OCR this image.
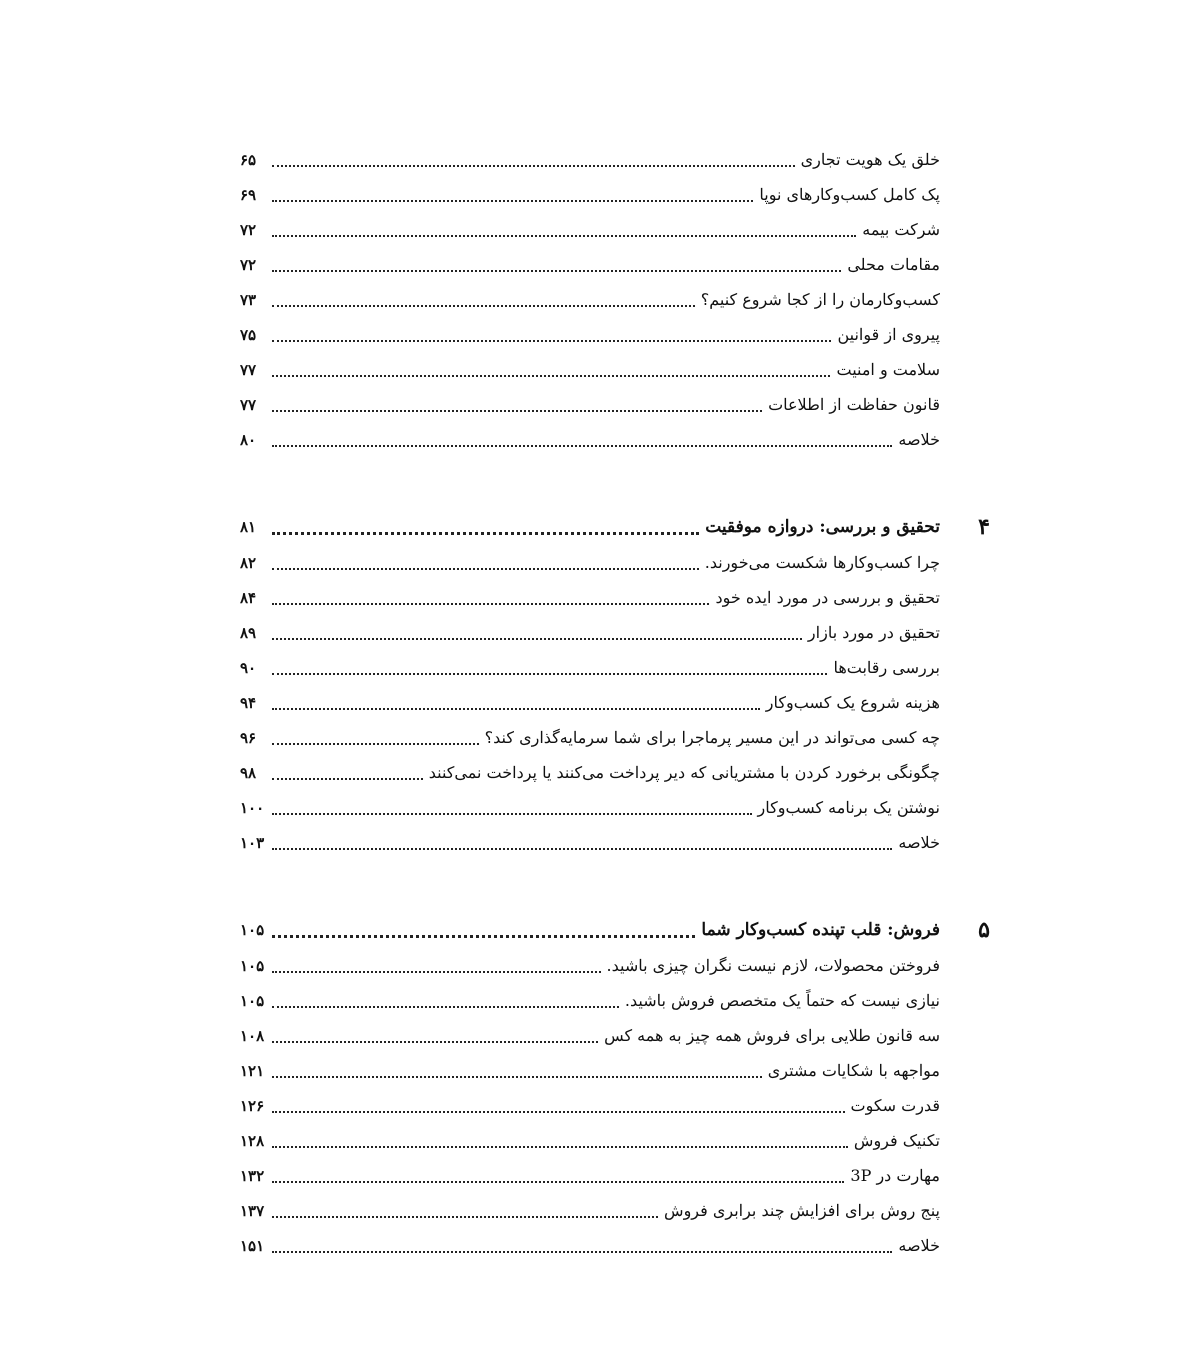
خلق یک هویت تجاری
۶۵
پک کامل کسب‌وکارهای نوپا
۶۹
شرکت بیمه
۷۲
مقامات محلی
۷۲
کسب‌وکارمان را از کجا شروع کنیم؟
۷۳
پیروی از قوانین
۷۵
سلامت و امنیت
۷۷
قانون حفاظت از اطلاعات
۷۷
خلاصه
۸۰
۴
تحقیق و بررسی: دروازه موفقیت
۸۱
چرا کسب‌وکارها شکست می‌خورند.
۸۲
تحقیق و بررسی در مورد ایده خود
۸۴
تحقیق در مورد بازار
۸۹
بررسی رقابت‌ها
۹۰
هزینه شروع یک کسب‌وکار
۹۴
چه کسی می‌تواند در این مسیر پرماجرا برای شما سرمایه‌گذاری کند؟
۹۶
چگونگی برخورد کردن با مشتریانی که دیر پرداخت می‌کنند یا پرداخت نمی‌کنند
۹۸
نوشتن یک برنامه کسب‌وکار
۱۰۰
خلاصه
۱۰۳
۵
فروش: قلب تپنده کسب‌وکار شما
۱۰۵
فروختن محصولات، لازم نیست نگران چیزی باشید.
۱۰۵
نیازی نیست که حتماً یک متخصص فروش باشید.
۱۰۵
سه قانون طلایی برای فروش همه چیز به همه کس
۱۰۸
مواجهه با شکایات مشتری
۱۲۱
قدرت سکوت
۱۲۶
تکنیک فروش
۱۲۸
مهارت در 3P
۱۳۲
پنج روش برای افزایش چند برابری فروش
۱۳۷
خلاصه
۱۵۱
